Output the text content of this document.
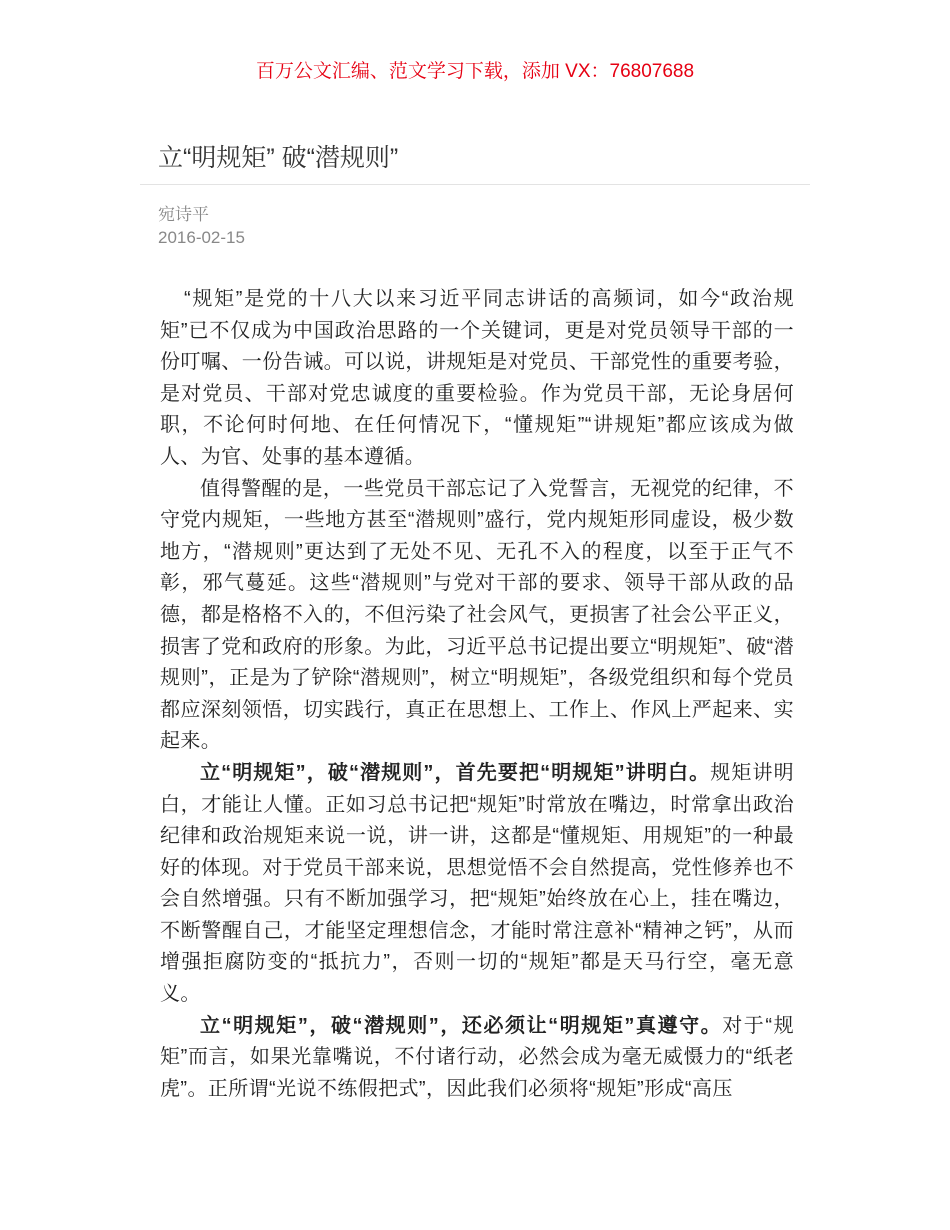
百万公文汇编、范文学习下载，添加 VX：76807688
立“明规矩” 破“潜规则”
宛诗平
2016-02-15

“规矩”是党的十八大以来习近平同志讲话的高频词，如今“政治规矩”已不仅成为中国政治思路的一个关键词，更是对党员领导干部的一份叮嘱、一份告诫。可以说，讲规矩是对党员、干部党性的重要考验，是对党员、干部对党忠诚度的重要检验。作为党员干部，无论身居何职，不论何时何地、在任何情况下，“懂规矩”“讲规矩”都应该成为做人、为官、处事的基本遵循。

值得警醒的是，一些党员干部忘记了入党誓言，无视党的纪律，不守党内规矩，一些地方甚至“潜规则”盛行，党内规矩形同虚设，极少数地方，“潜规则”更达到了无处不见、无孔不入的程度，以至于正气不彰，邪气蔓延。这些“潜规则”与党对干部的要求、领导干部从政的品德，都是格格不入的，不但污染了社会风气，更损害了社会公平正义，损害了党和政府的形象。为此，习近平总书记提出要立“明规矩”、破“潜规则”，正是为了铲除“潜规则”，树立“明规矩”，各级党组织和每个党员都应深刻领悟，切实践行，真正在思想上、工作上、作风上严起来、实起来。

立“明规矩”，破“潜规则”，首先要把“明规矩”讲明白。规矩讲明白，才能让人懂。正如习总书记把“规矩”时常放在嘴边，时常拿出政治纪律和政治规矩来说一说，讲一讲，这都是“懂规矩、用规矩”的一种最好的体现。对于党员干部来说，思想觉悟不会自然提高，党性修养也不会自然增强。只有不断加强学习，把“规矩”始终放在心上，挂在嘴边，不断警醒自己，才能坚定理想信念，才能时常注意补“精神之钙”，从而增强拒腐防变的“抵抗力”，否则一切的“规矩”都是天马行空，毫无意义。

立“明规矩”，破“潜规则”，还必须让“明规矩”真遵守。对于“规矩”而言，如果光靠嘴说，不付诸行动，必然会成为毫无威慑力的“纸老虎”。正所谓“光说不练假把式”，因此我们必须将“规矩”形成“高压
